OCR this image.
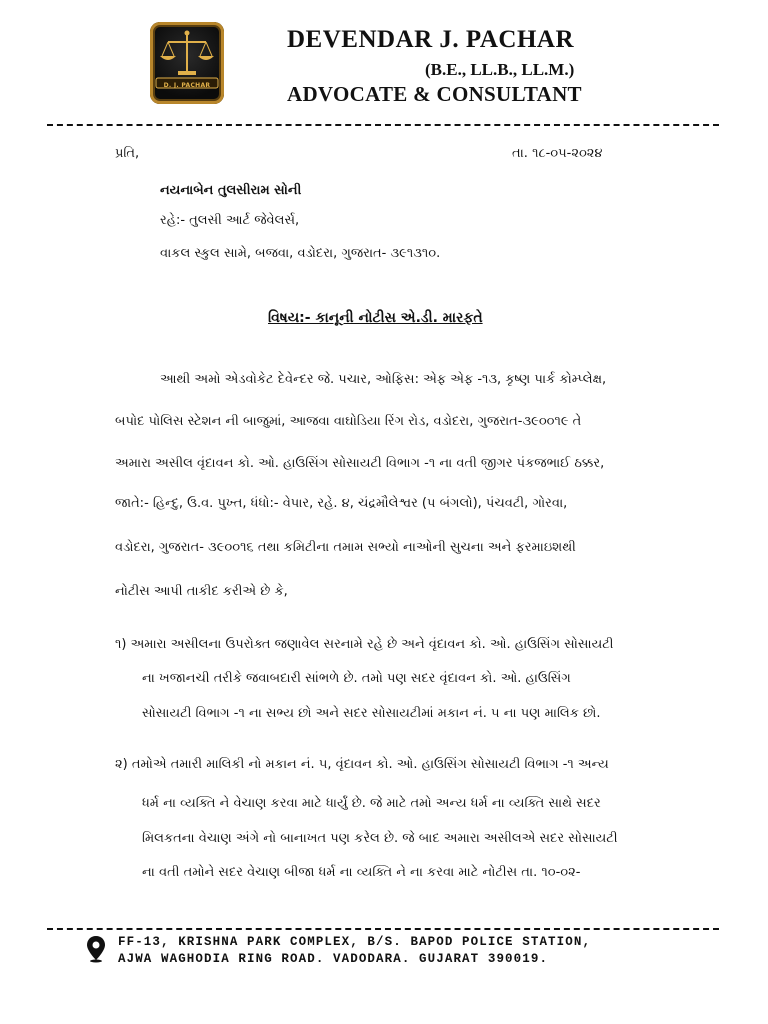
D. J. PACHAR
DEVENDAR J. PACHAR
(B.E., LL.B., LL.M.)
ADVOCATE & CONSULTANT
પ્રતિ,	તા. ૧૮-૦૫-૨૦૨૪
નયનાબેન તુલસીરામ સોની
રહે:- તુલસી આર્ટ જેવેલર્સ,
વાકલ સ્કુલ સામે, બજવા, વડોદરા, ગુજરાત- ૩૯૧૩૧૦.
વિષય:- કાનૂની નોટીસ એ.ડી. મારફતે
આથી અમો એડવોકેટ દેવેન્દર જે. પચાર, ઓફિસ: એફ એફ -૧૩, કૃષ્ણ પાર્ક કોમ્પ્લેક્ષ,
બપોદ પોલિસ સ્ટેશન ની બાજુમાં, આજવા વાઘોડિયા રિંગ રોડ, વડોદરા, ગુજરાત-૩૯૦૦૧૯ તે
અમારા અસીલ વૃંદાવન કો. ઓ. હાઉસિંગ સોસાયટી વિભાગ -૧ ના વતી જીગર પંકજભાઈ ઠક્કર,
જાતે:- હિન્દુ, ઉ.વ. પુખ્ત, ધંધો:- વેપાર, રહે. ૪, ચંદ્રમૌલેશ્વર (પ બંગલો), પંચવટી, ગોરવા,
વડોદરા, ગુજરાત- ૩૯૦૦૧૬ તથા કમિટીના તમામ સભ્યો નાઓની સુચના અને ફરમાઇશથી
નોટીસ આપી તાકીદ કરીએ છે કે,
૧) અમારા અસીલના ઉપરોક્ત જણાવેલ સરનામે રહે છે અને વૃંદાવન કો. ઓ. હાઉસિંગ સોસાયટી
ના ખજાનચી તરીકે જવાબદારી સાંભળે છે. તમો પણ સદર વૃંદાવન કો. ઓ. હાઉસિંગ
સોસાયટી વિભાગ -૧ ના સભ્ય છો અને સદર સોસાયટીમાં મકાન નં. ૫ ના પણ માલિક છો.
૨) તમોએ તમારી માલિકી નો મકાન નં. ૫, વૃંદાવન કો. ઓ. હાઉસિંગ સોસાયટી વિભાગ -૧ અન્ય
ધર્મ ના વ્યક્તિ ને વેચાણ કરવા માટે ધાર્યું છે. જે માટે તમો અન્ય ધર્મ ના વ્યક્તિ સાથે સદર
મિલકતના વેચાણ અંગે નો બાનાખત પણ કરેલ છે. જે બાદ અમારા અસીલએ સદર સોસાયટી
ના વતી તમોને સદર વેચાણ બીજા ધર્મ ના વ્યક્તિ ને ના કરવા માટે નોટીસ તા. ૧૦-૦૨-
FF-13, KRISHNA PARK COMPLEX, B/S. BAPOD POLICE STATION,
AJWA WAGHODIA RING ROAD. VADODARA. GUJARAT 390019.
